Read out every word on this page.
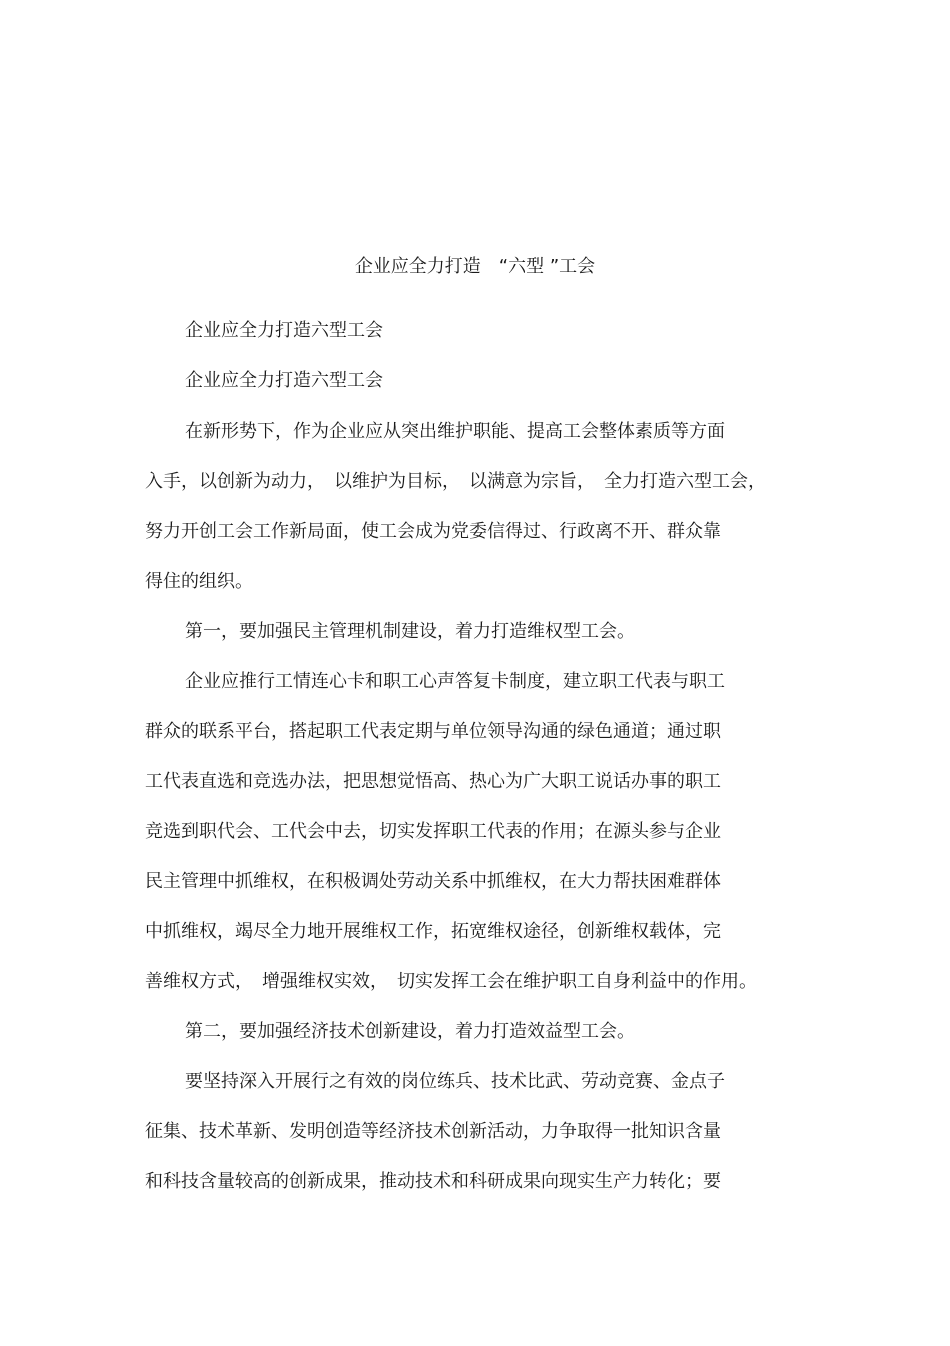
企业应全力打造　“六型 ”工会
企业应全力打造六型工会
企业应全力打造六型工会
在新形势下，作为企业应从突出维护职能、提高工会整体素质等方面
入手，以创新为动力，　以维护为目标，　以满意为宗旨，　全力打造六型工会，
努力开创工会工作新局面，使工会成为党委信得过、行政离不开、群众靠
得住的组织。
第一，要加强民主管理机制建设，着力打造维权型工会。
企业应推行工情连心卡和职工心声答复卡制度，建立职工代表与职工
群众的联系平台，搭起职工代表定期与单位领导沟通的绿色通道；通过职
工代表直选和竞选办法，把思想觉悟高、热心为广大职工说话办事的职工
竞选到职代会、工代会中去，切实发挥职工代表的作用；在源头参与企业
民主管理中抓维权，在积极调处劳动关系中抓维权，在大力帮扶困难群体
中抓维权，竭尽全力地开展维权工作，拓宽维权途径，创新维权载体，完
善维权方式，　增强维权实效，　切实发挥工会在维护职工自身利益中的作用。
第二，要加强经济技术创新建设，着力打造效益型工会。
要坚持深入开展行之有效的岗位练兵、技术比武、劳动竞赛、金点子
征集、技术革新、发明创造等经济技术创新活动，力争取得一批知识含量
和科技含量较高的创新成果，推动技术和科研成果向现实生产力转化；要
